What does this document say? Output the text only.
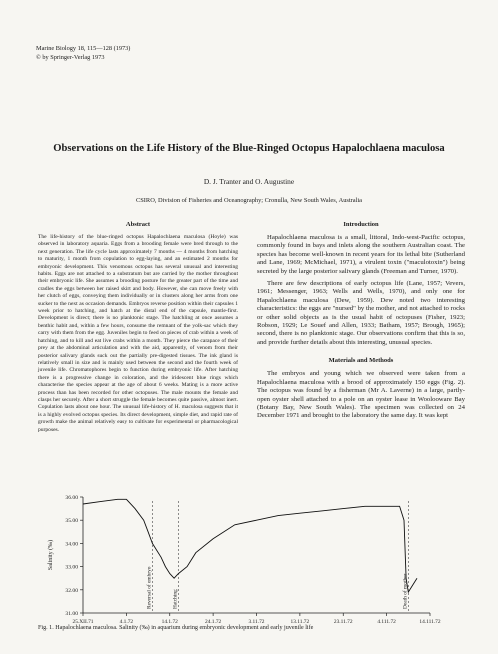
Marine Biology 18, 115—128 (1973)
© by Springer-Verlag 1973
Observations on the Life History of the Blue-Ringed Octopus Hapalochlaena maculosa
D. J. Tranter and O. Augustine
CSIRO, Division of Fisheries and Oceanography; Cronulla, New South Wales, Australia
Abstract

The life-history of the blue-ringed octopus Hapalochlaena maculosa (Hoyle) was observed in laboratory aquaria. Eggs from a brooding female were bred through to the next generation. The life cycle lasts approximately 7 months — 4 months from hatching to maturity, 1 month from copulation to egg-laying, and an estimated 2 months for embryonic development. This venomous octopus has several unusual and interesting habits. Eggs are not attached to a substratum but are carried by the mother throughout their embryonic life. She assumes a brooding posture for the greater part of the time and cradles the eggs between her raised skirt and body. However, she can move freely with her clutch of eggs, conveying them individually or in clusters along her arms from one sucker to the next as occasion demands. Embryos reverse position within their capsules 1 week prior to hatching, and hatch at the distal end of the capsule, mantle-first. Development is direct; there is no planktonic stage. The hatchling at once assumes a benthic habit and, within a few hours, consume the remnant of the yolk-sac which they carry with them from the egg. Juveniles begin to feed on pieces of crab within a week of hatching, and to kill and eat live crabs within a month. They pierce the carapace of their prey at the abdominal articulation and with the aid, apparently, of venom from their posterior salivary glands suck out the partially pre-digested tissues. The ink gland is relatively small in size and is mainly used between the second and the fourth week of juvenile life. Chromatophores begin to function during embryonic life. After hatching there is a progressive change in coloration, and the iridescent blue rings which characterise the species appear at the age of about 6 weeks. Mating is a more active process than has been recorded for other octopuses. The male mounts the female and clasps her securely. After a short struggle the female becomes quite passive, almost inert. Copulation lasts about one hour. The unusual life-history of H. maculosa suggests that it is a highly evolved octopus species. Its direct development, simple diet, and rapid rate of growth make the animal relatively easy to cultivate for experimental or pharmacological purposes.

Introduction

Hapalochlaena maculosa is a small, littoral, Indo-west-Pacific octopus, commonly found in bays and inlets along the southern Australian coast. The species has become well-known in recent years for its lethal bite (Sutherland and Lane, 1969; McMichael, 1971), a virulent toxin ("maculotoxin") being secreted by the large posterior salivary glands (Freeman and Turner, 1970).

There are few descriptions of early octopus life (Lane, 1957; Vevers, 1961; Messenger, 1963; Wells and Wells, 1970), and only one for Hapalochlaena maculosa (Dew, 1959). Dew noted two interesting characteristics: the eggs are "nursed" by the mother, and not attached to rocks or other solid objects as is the usual habit of octopuses (Fisher, 1923; Robson, 1929; Le Souef and Allen, 1933; Batham, 1957; Brough, 1965); second, there is no planktonic stage. Our observations confirm that this is so, and provide further details about this interesting, unusual species.

Materials and Methods

The embryos and young which we observed were taken from a Hapalochlaena maculosa with a brood of approximately 150 eggs (Fig. 2). The octopus was found by a fisherman (Mr A. Laverne) in a large, partly-open oyster shell attached to a pole on an oyster lease in Woolooware Bay (Botany Bay, New South Wales). The specimen was collected on 24 December 1971 and brought to the laboratory the same day. It was kept

36.00
35.00
34.00
33.00
32.00
31.00
Salinity (‰)
25.XII.71	4.1.72	14.1.72	24.1.72	3.11.72	13.11.72	23.11.72	4.111.72	14.111.72
Reversal of embryo	Hatching	Death of mother
Fig. 1. Hapalochlaena maculosa. Salinity (‰) in aquarium during embryonic development and early juvenile life
